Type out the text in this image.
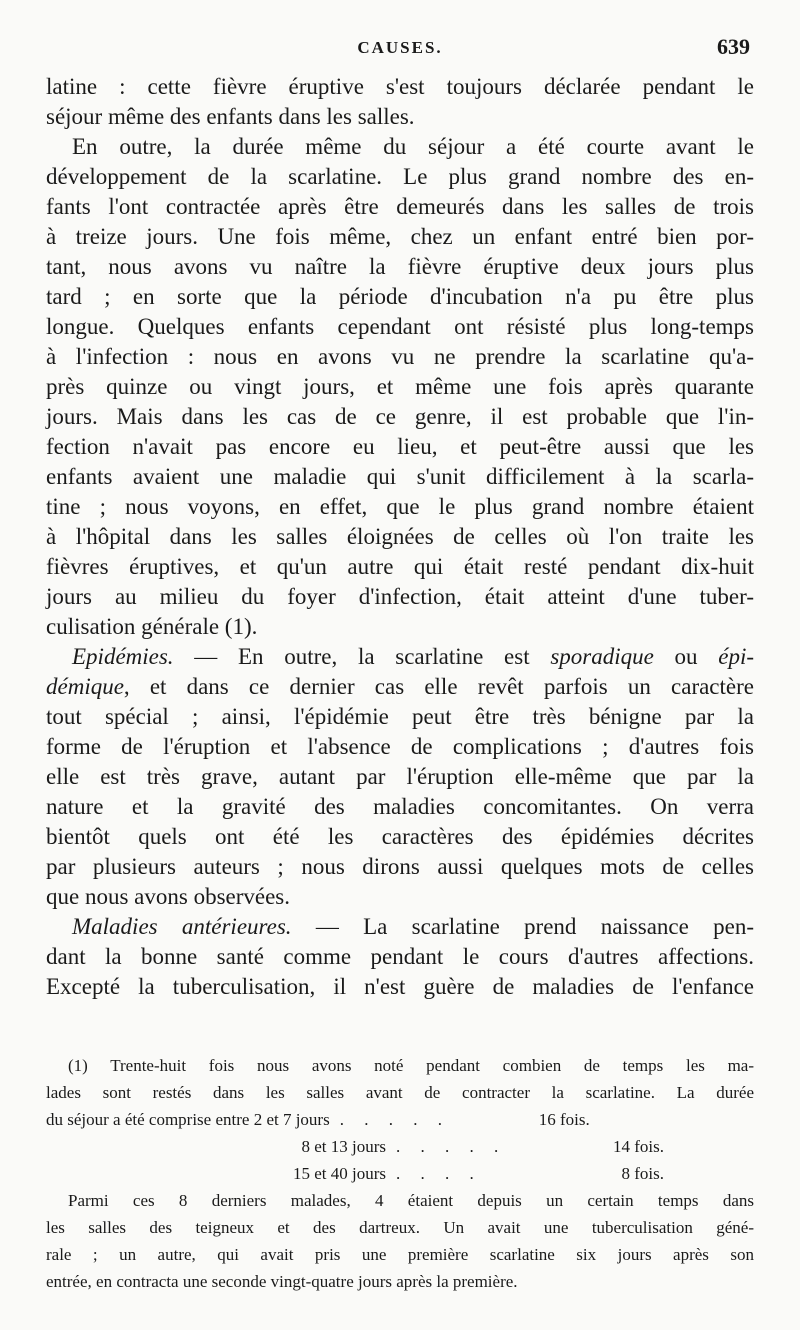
CAUSES.	639
latine : cette fièvre éruptive s'est toujours déclarée pendant le
séjour même des enfants dans les salles.
En outre, la durée même du séjour a été courte avant le
développement de la scarlatine. Le plus grand nombre des en-
fants l'ont contractée après être demeurés dans les salles de trois
à treize jours. Une fois même, chez un enfant entré bien por-
tant, nous avons vu naître la fièvre éruptive deux jours plus
tard ; en sorte que la période d'incubation n'a pu être plus
longue. Quelques enfants cependant ont résisté plus long-temps
à l'infection : nous en avons vu ne prendre la scarlatine qu'a-
près quinze ou vingt jours, et même une fois après quarante
jours. Mais dans les cas de ce genre, il est probable que l'in-
fection n'avait pas encore eu lieu, et peut-être aussi que les
enfants avaient une maladie qui s'unit difficilement à la scarla-
tine ; nous voyons, en effet, que le plus grand nombre étaient
à l'hôpital dans les salles éloignées de celles où l'on traite les
fièvres éruptives, et qu'un autre qui était resté pendant dix-huit
jours au milieu du foyer d'infection, était atteint d'une tuber-
culisation générale (1).
Epidémies. — En outre, la scarlatine est sporadique ou épi-
démique, et dans ce dernier cas elle revêt parfois un caractère
tout spécial ; ainsi, l'épidémie peut être très bénigne par la
forme de l'éruption et l'absence de complications ; d'autres fois
elle est très grave, autant par l'éruption elle-même que par la
nature et la gravité des maladies concomitantes. On verra
bientôt quels ont été les caractères des épidémies décrites
par plusieurs auteurs ; nous dirons aussi quelques mots de celles
que nous avons observées.
Maladies antérieures. — La scarlatine prend naissance pen-
dant la bonne santé comme pendant le cours d'autres affections.
Excepté la tuberculisation, il n'est guère de maladies de l'enfance
(1) Trente-huit fois nous avons noté pendant combien de temps les ma-
lades sont restés dans les salles avant de contracter la scarlatine. La durée
du séjour a été comprise entre 2 et 7 jours . . . . .	16 fois.
8 et 13 jours . . . . .	14 fois.
15 et 40 jours . . . .	8 fois.
Parmi ces 8 derniers malades, 4 étaient depuis un certain temps dans
les salles des teigneux et des dartreux. Un avait une tuberculisation géné-
rale ; un autre, qui avait pris une première scarlatine six jours après son
entrée, en contracta une seconde vingt-quatre jours après la première.
